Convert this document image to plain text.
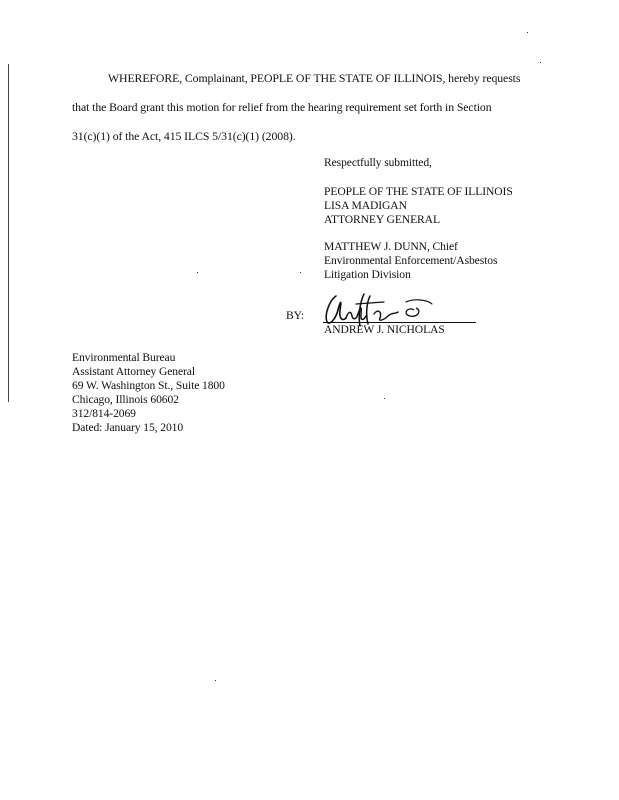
WHEREFORE, Complainant, PEOPLE OF THE STATE OF ILLINOIS, hereby requests
that the Board grant this motion for relief from the hearing requirement set forth in Section
31(c)(1) of the Act, 415 ILCS 5/31(c)(1) (2008).
Respectfully submitted,
PEOPLE OF THE STATE OF ILLINOIS
LISA MADIGAN
ATTORNEY GENERAL
MATTHEW J. DUNN, Chief
Environmental Enforcement/Asbestos
Litigation Division
BY:
ANDREW J. NICHOLAS
Environmental Bureau
Assistant Attorney General
69 W. Washington St., Suite 1800
Chicago, Illinois 60602
312/814-2069
Dated: January 15, 2010
